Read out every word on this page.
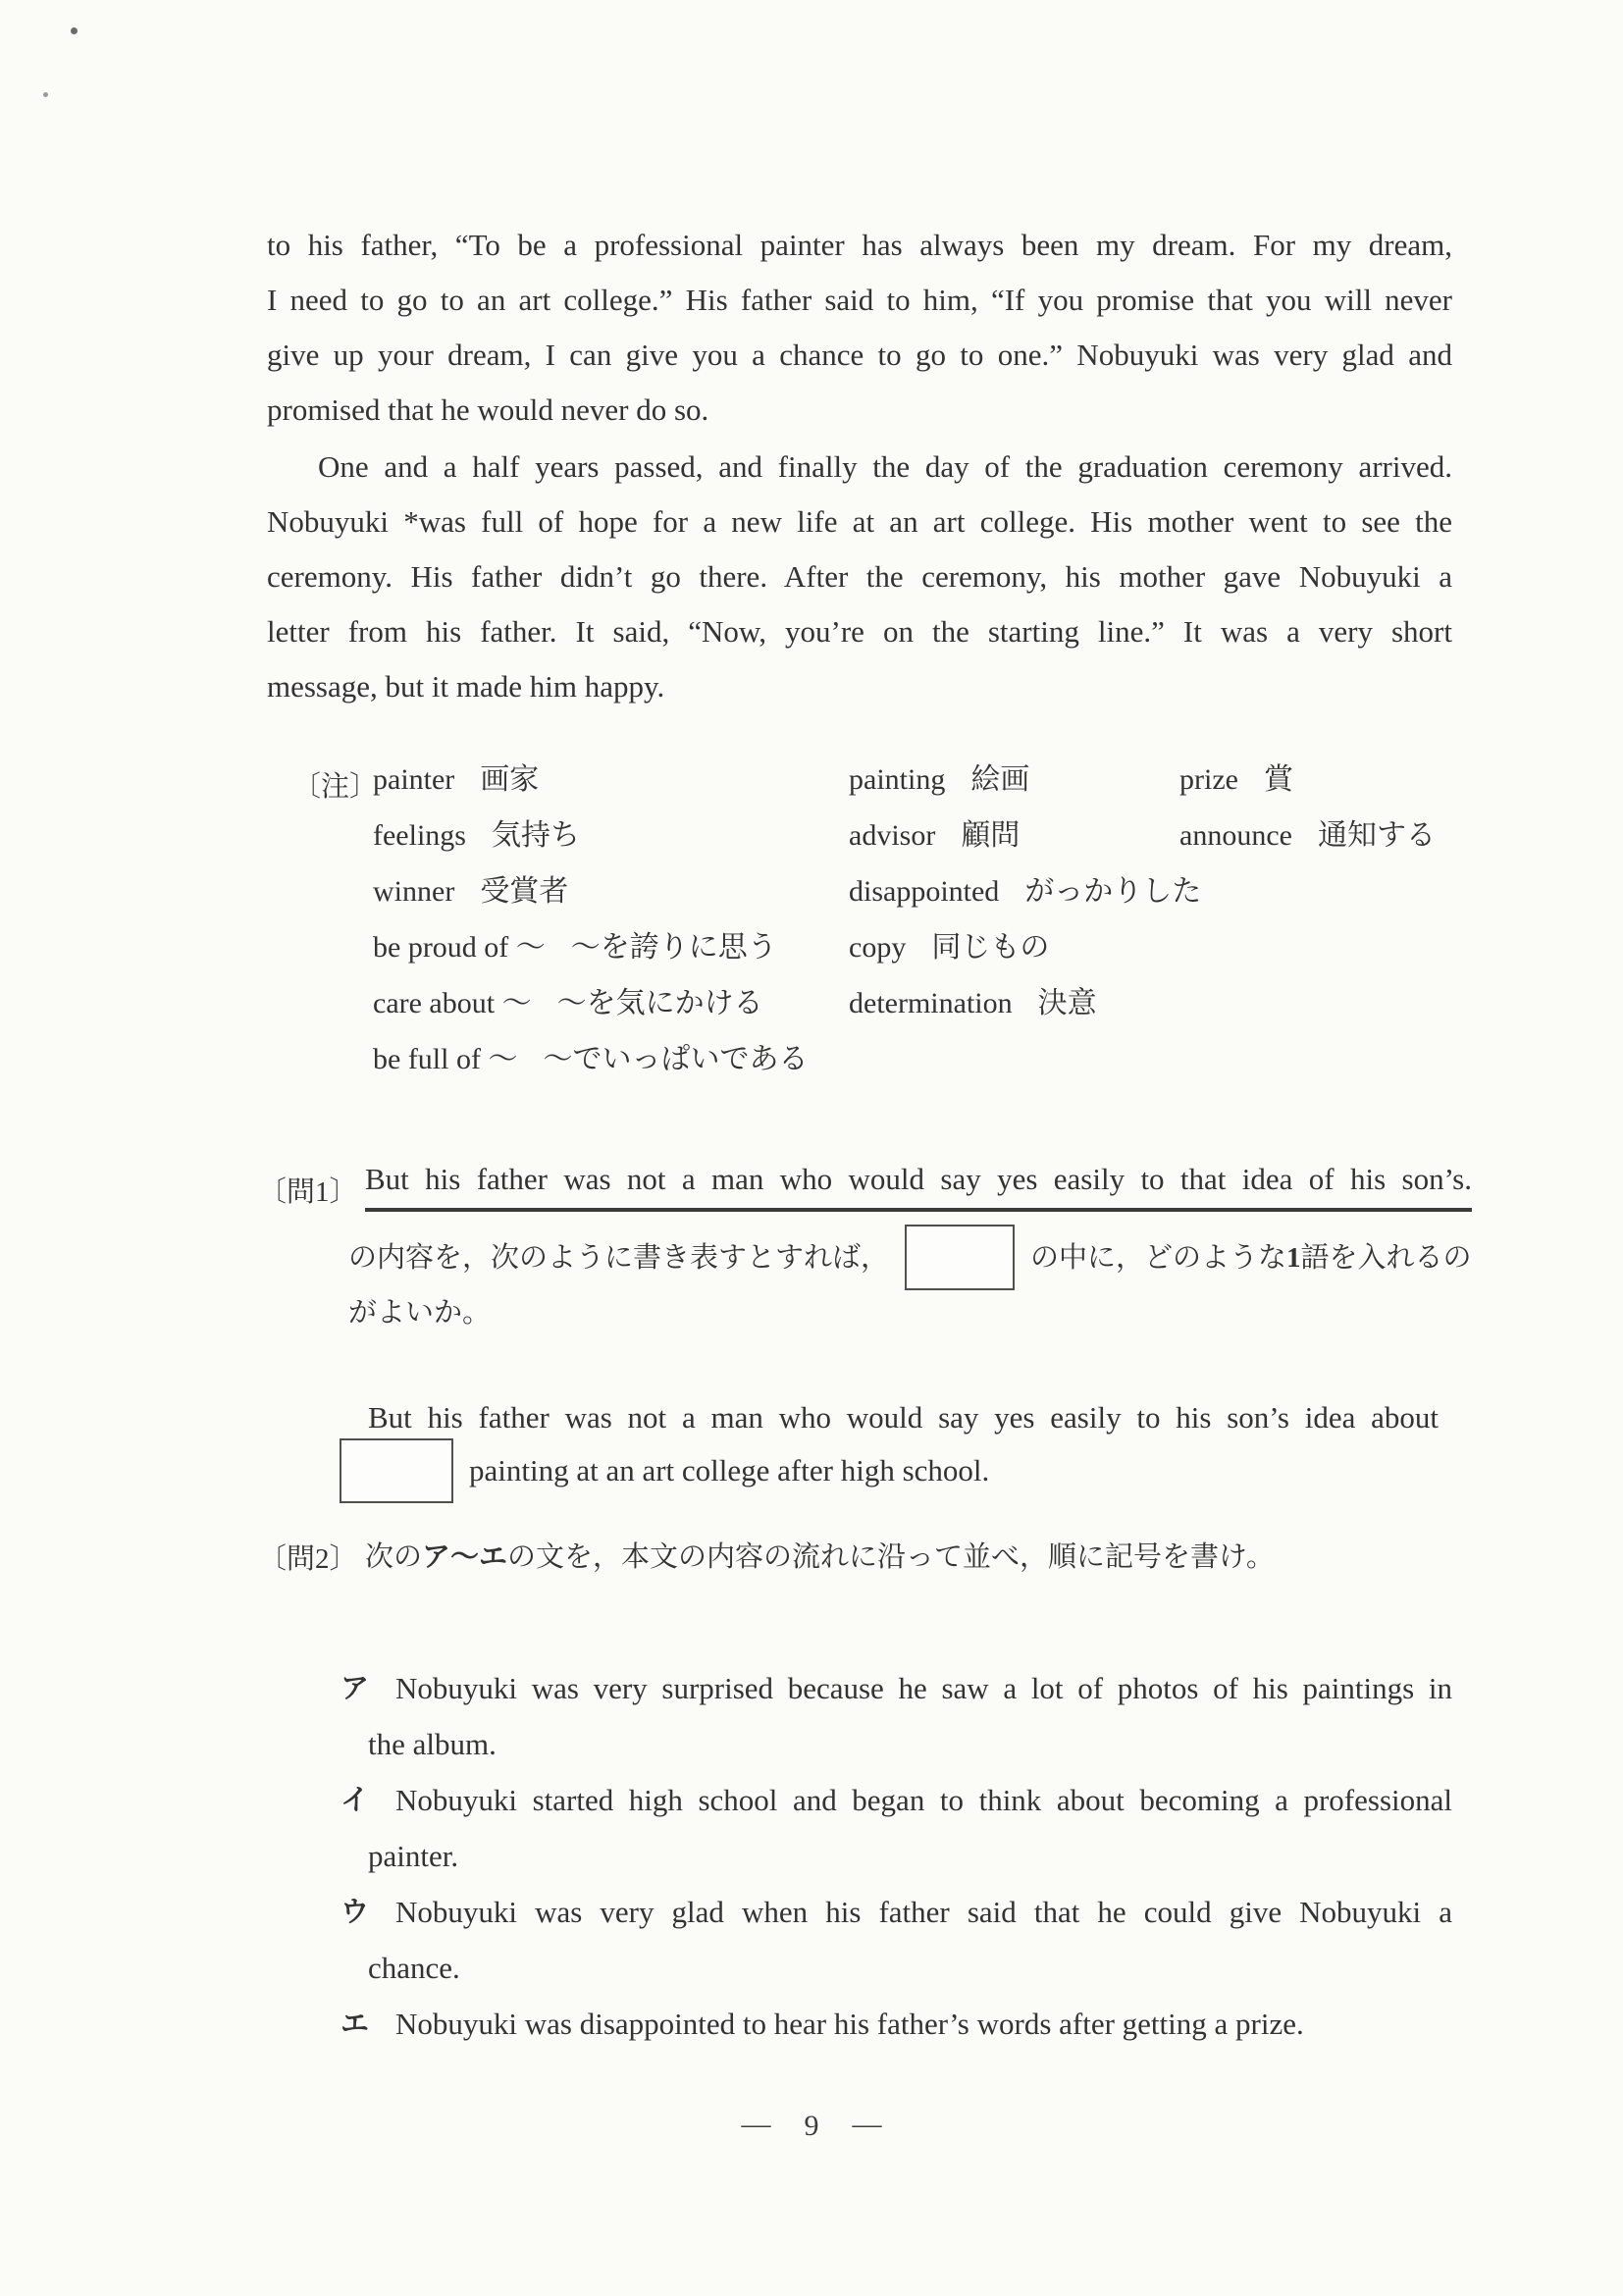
to his father, “To be a professional painter has always been my dream. For my dream,
I need to go to an art college.” His father said to him, “If you promise that you will never
give up your dream, I can give you a chance to go to one.” Nobuyuki was very glad and
promised that he would never do so.
One and a half years passed, and finally the day of the graduation ceremony arrived.
Nobuyuki *was full of hope for a new life at an art college. His mother went to see the
ceremony. His father didn’t go there. After the ceremony, his mother gave Nobuyuki a
letter from his father. It said, “Now, you’re on the starting line.” It was a very short
message, but it made him happy.
〔注〕
painter 画家	painting 絵画	prize 賞
feelings 気持ち	advisor 顧問	announce 通知する
winner 受賞者	disappointed がっかりした
be proud of 〜 〜を誇りに思う copy 同じもの
care about 〜 〜を気にかける	determination 決意
be full of 〜 〜でいっぱいである
〔問1〕 But his father was not a man who would say yes easily to that idea of his son’s.
の内容を，次のように書き表すとすれば，	の中に，どのような1語を入れるの
がよいか。
But his father was not a man who would say yes easily to his son’s idea about
painting at an art college after high school.
〔問2〕 次のア～エの文を，本文の内容の流れに沿って並べ，順に記号を書け。
ア Nobuyuki was very surprised because he saw a lot of photos of his paintings in
the album.
イ Nobuyuki started high school and began to think about becoming a professional
painter.
ウ Nobuyuki was very glad when his father said that he could give Nobuyuki a
chance.
エ Nobuyuki was disappointed to hear his father’s words after getting a prize.
— 9 —
